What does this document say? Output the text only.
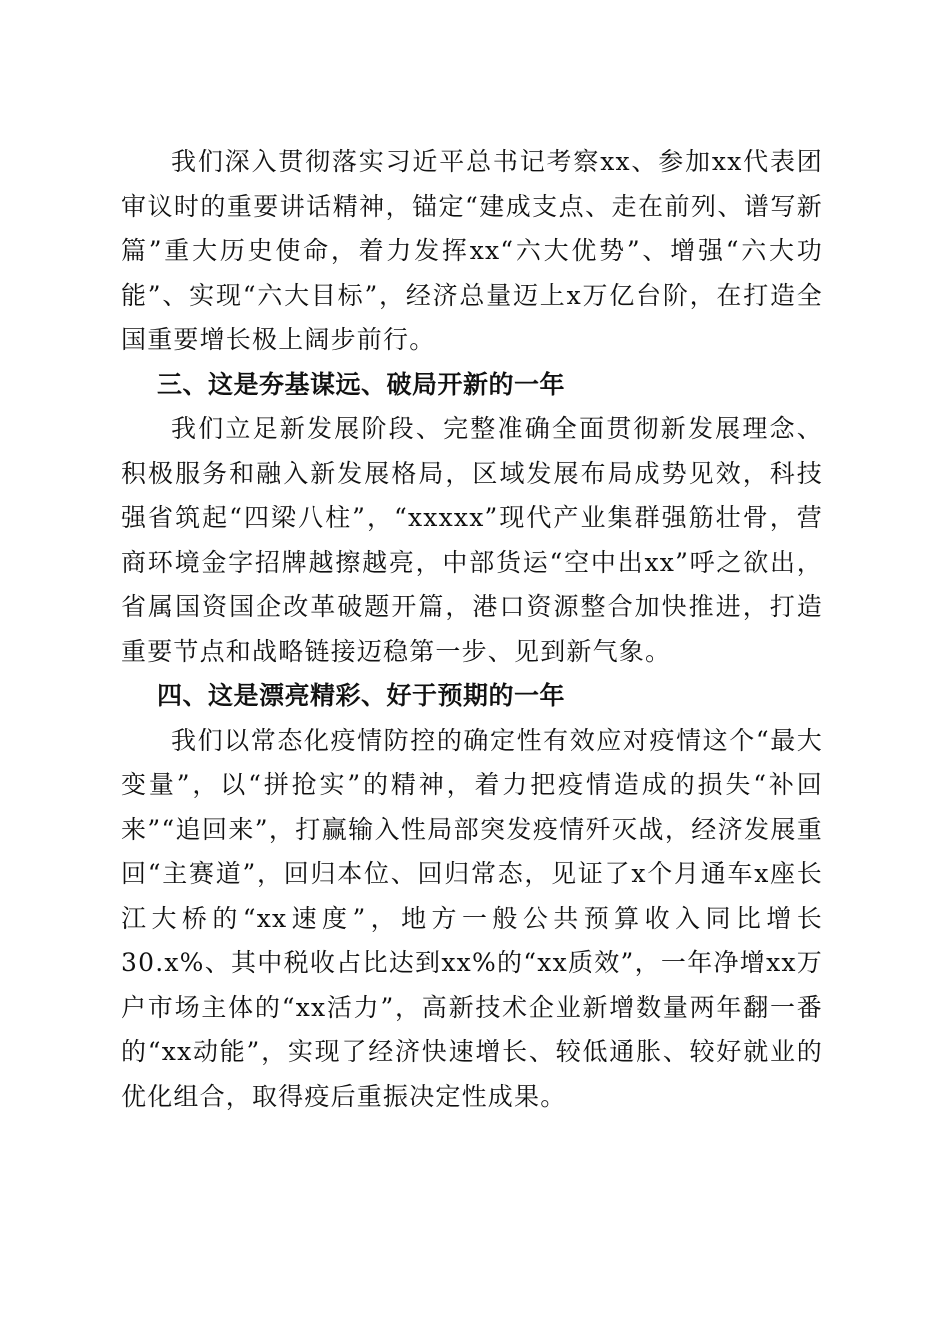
我们深入贯彻落实习近平总书记考察xx、参加xx代表团审议时的重要讲话精神，锚定“建成支点、走在前列、谱写新篇”重大历史使命，着力发挥xx“六大优势”、增强“六大功能”、实现“六大目标”，经济总量迈上x万亿台阶，在打造全国重要增长极上阔步前行。

三、这是夯基谋远、破局开新的一年

我们立足新发展阶段、完整准确全面贯彻新发展理念、积极服务和融入新发展格局，区域发展布局成势见效，科技强省筑起“四梁八柱”，“xxxxx”现代产业集群强筋壮骨，营商环境金字招牌越擦越亮，中部货运“空中出xx”呼之欲出，省属国资国企改革破题开篇，港口资源整合加快推进，打造重要节点和战略链接迈稳第一步、见到新气象。

四、这是漂亮精彩、好于预期的一年

我们以常态化疫情防控的确定性有效应对疫情这个“最大变量”，以“拼抢实”的精神，着力把疫情造成的损失“补回来”“追回来”，打赢输入性局部突发疫情歼灭战，经济发展重回“主赛道”，回归本位、回归常态，见证了x个月通车x座长江大桥的“xx速度”，地方一般公共预算收入同比增长30.x%、其中税收占比达到xx%的“xx质效”，一年净增xx万户市场主体的“xx活力”，高新技术企业新增数量两年翻一番的“xx动能”，实现了经济快速增长、较低通胀、较好就业的优化组合，取得疫后重振决定性成果。
